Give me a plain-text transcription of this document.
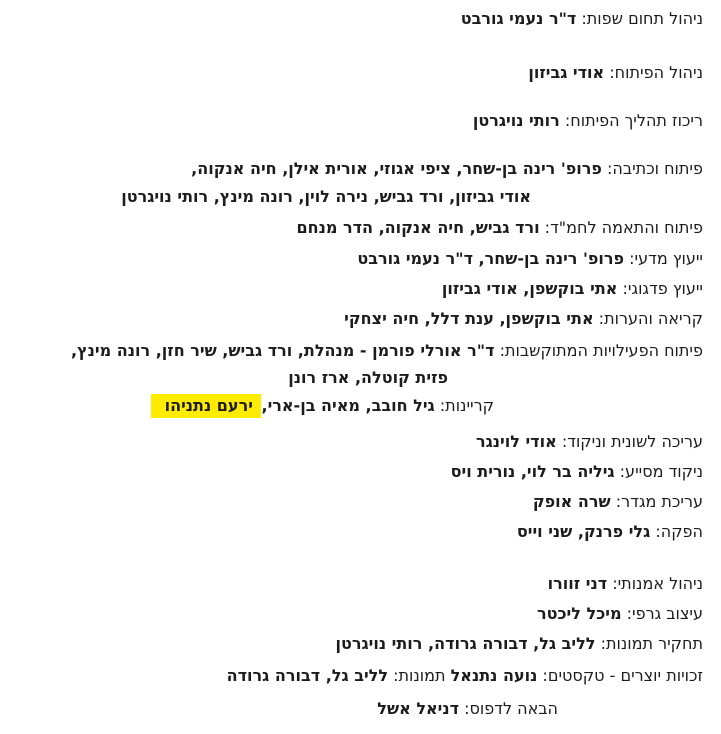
ניהול תחום שפות: ד"ר נעמי גורבט
ניהול הפיתוח: אודי גביזון
ריכוז תהליך הפיתוח: רותי נויגרטן
פיתוח וכתיבה: פרופ' רינה בן-שחר, ציפי אגוזי, אורית אילן, חיה אנקוה,
אודי גביזון, ורד גביש, נירה לוין, רונה מינץ, רותי נויגרטן
פיתוח והתאמה לחמ"ד: ורד גביש, חיה אנקוה, הדר מנחם
ייעוץ מדעי: פרופ' רינה בן-שחר, ד"ר נעמי גורבט
ייעוץ פדגוגי: אתי בוקשפן, אודי גביזון
קריאה והערות: אתי בוקשפן, ענת דלל, חיה יצחקי
פיתוח הפעילויות המתוקשבות: ד"ר אורלי פורמן - מנהלת, ורד גביש, שיר חזן, רונה מינץ,
פזית קוטלה, ארז רונן
קריינות: גיל חובב, מאיה בן-ארי, ירעם נתניהו
עריכה לשונית וניקוד: אודי לוינגר
ניקוד מסייע: גיליה בר לוי, נורית ויס
עריכת מגדר: שרה אופק
הפקה: גלי פרנק, שני וייס
ניהול אמנותי: דני זוורו
עיצוב גרפי: מיכל ליכטר
תחקיר תמונות: לליב גל, דבורה גרודה, רותי נויגרטן
זכויות יוצרים - טקסטים: נועה נתנאל תמונות: לליב גל, דבורה גרודה
הבאה לדפוס: דניאל אשל
